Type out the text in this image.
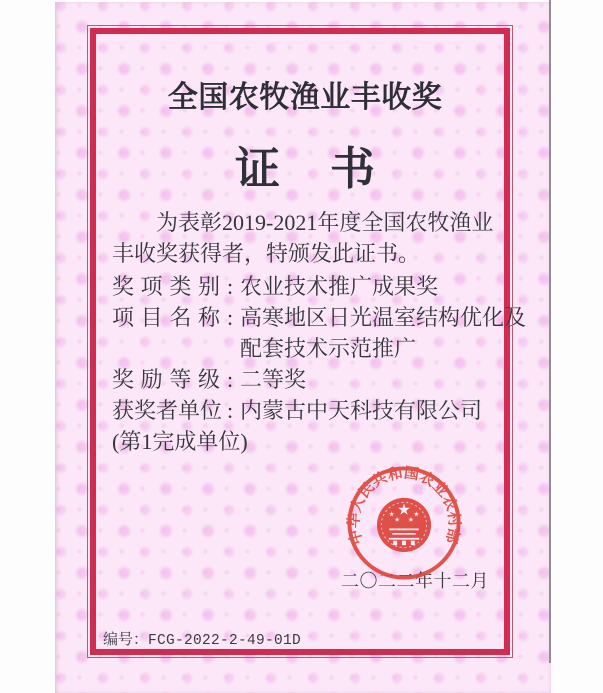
全国农牧渔业丰收奖
证书
为表彰2019-2021年度全国农牧渔业
丰收奖获得者，特颁发此证书。
奖项类别 : 农业技术推广成果奖
项目名称 : 高寒地区日光温室结构优化及
配套技术示范推广
奖励等级 : 二等奖
获奖者单位 : 内蒙古中天科技有限公司
(第1完成单位)
二〇二二年十二月
中华人民共和国农业农村部
编号：FCG-2022-2-49-01D
